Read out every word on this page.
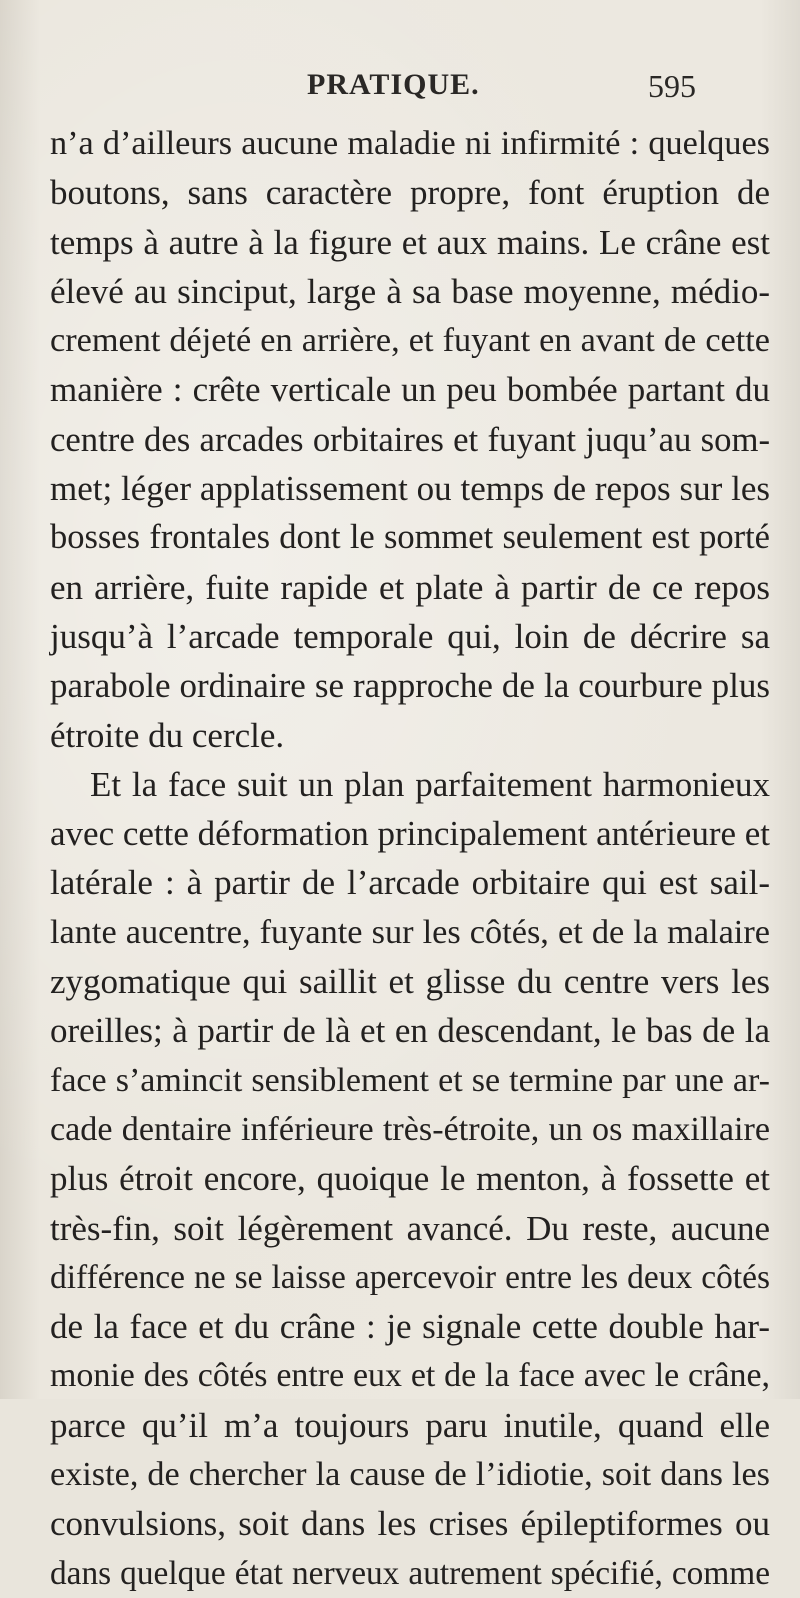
PRATIQUE.	595
n’a d’ailleurs aucune maladie ni infirmité : quelques
boutons, sans caractère propre, font éruption de
temps à autre à la figure et aux mains. Le crâne est
élevé au sinciput, large à sa base moyenne, médio-
crement déjeté en arrière, et fuyant en avant de cette
manière : crête verticale un peu bombée partant du
centre des arcades orbitaires et fuyant juqu’au som-
met; léger applatissement ou temps de repos sur les
bosses frontales dont le sommet seulement est porté
en arrière, fuite rapide et plate à partir de ce repos
jusqu’à l’arcade temporale qui, loin de décrire sa
parabole ordinaire se rapproche de la courbure plus
étroite du cercle.
Et la face suit un plan parfaitement harmonieux
avec cette déformation principalement antérieure et
latérale : à partir de l’arcade orbitaire qui est sail-
lante aucentre, fuyante sur les côtés, et de la malaire
zygomatique qui saillit et glisse du centre vers les
oreilles; à partir de là et en descendant, le bas de la
face s’amincit sensiblement et se termine par une ar-
cade dentaire inférieure très-étroite, un os maxillaire
plus étroit encore, quoique le menton, à fossette et
très-fin, soit légèrement avancé. Du reste, aucune
différence ne se laisse apercevoir entre les deux côtés
de la face et du crâne : je signale cette double har-
monie des côtés entre eux et de la face avec le crâne,
parce qu’il m’a toujours paru inutile, quand elle
existe, de chercher la cause de l’idiotie, soit dans les
convulsions, soit dans les crises épileptiformes ou
dans quelque état nerveux autrement spécifié, comme
